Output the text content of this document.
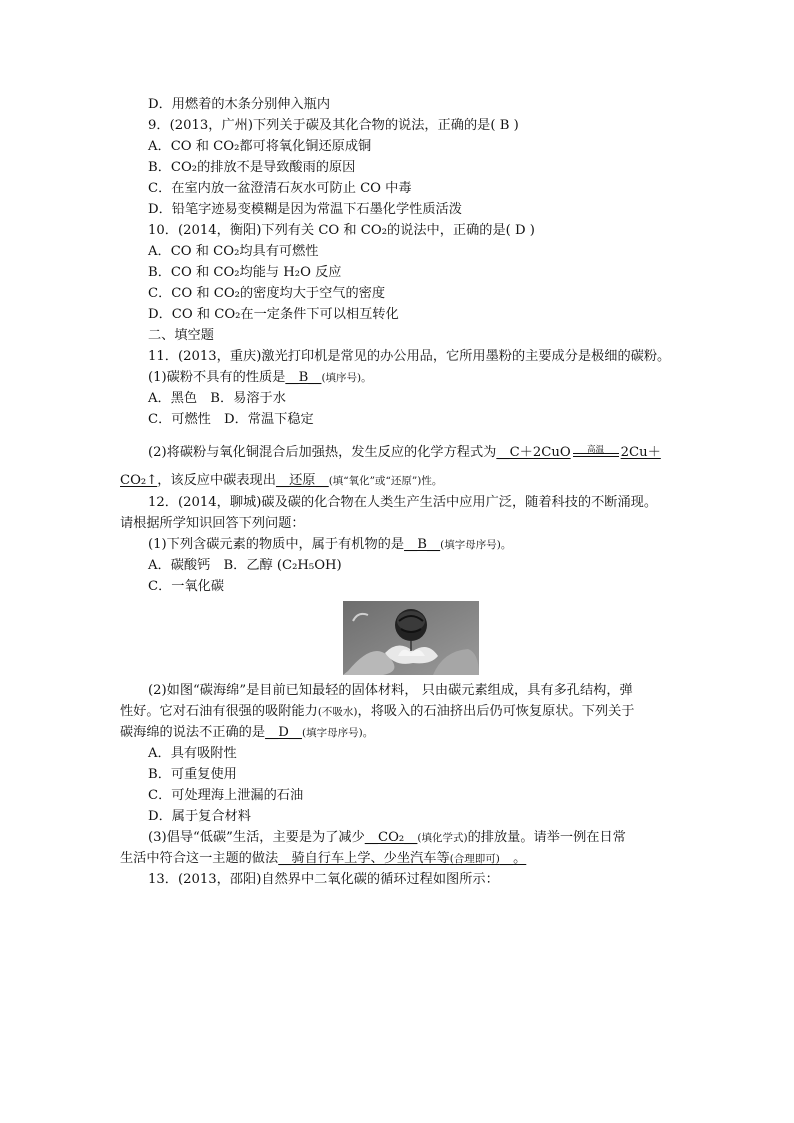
D．用燃着的木条分别伸入瓶内
9．(2013，广州)下列关于碳及其化合物的说法，正确的是( B )
A．CO 和 CO₂都可将氧化铜还原成铜
B．CO₂的排放不是导致酸雨的原因
C．在室内放一盆澄清石灰水可防止 CO 中毒
D．铅笔字迹易变模糊是因为常温下石墨化学性质活泼
10．(2014，衡阳)下列有关 CO 和 CO₂的说法中，正确的是( D )
A．CO 和 CO₂均具有可燃性
B．CO 和 CO₂均能与 H₂O 反应
C．CO 和 CO₂的密度均大于空气的密度
D．CO 和 CO₂在一定条件下可以相互转化
二、填空题
11．(2013，重庆)激光打印机是常见的办公用品，它所用墨粉的主要成分是极细的碳粉。
(1)碳粉不具有的性质是__B__(填序号)。
A．黑色　B．易溶于水
C．可燃性　D．常温下稳定
(2)将碳粉与氧化铜混合后加强热，发生反应的化学方程式为__C＋2CuO	高温	2Cu＋
CO₂↑，该反应中碳表现出__还原__(填“氧化”或“还原”)性。
12．(2014，聊城)碳及碳的化合物在人类生产生活中应用广泛，随着科技的不断涌现。
请根据所学知识回答下列问题：
(1)下列含碳元素的物质中，属于有机物的是__B__(填字母序号)。
A．碳酸钙　B．乙醇 (C₂H₅OH)
C．一氧化碳
(2)如图“碳海绵”是目前已知最轻的固体材料， 只由碳元素组成，具有多孔结构，弹
性好。它对石油有很强的吸附能力(不吸水)，将吸入的石油挤出后仍可恢复原状。下列关于
碳海绵的说法不正确的是__D__(填字母序号)。
A．具有吸附性
B．可重复使用
C．可处理海上泄漏的石油
D．属于复合材料
(3)倡导“低碳”生活，主要是为了减少__CO₂__(填化学式)的排放量。请举一例在日常
生活中符合这一主题的做法__骑自行车上学、少坐汽车等(合理即可)__。
13．(2013，邵阳)自然界中二氧化碳的循环过程如图所示：
